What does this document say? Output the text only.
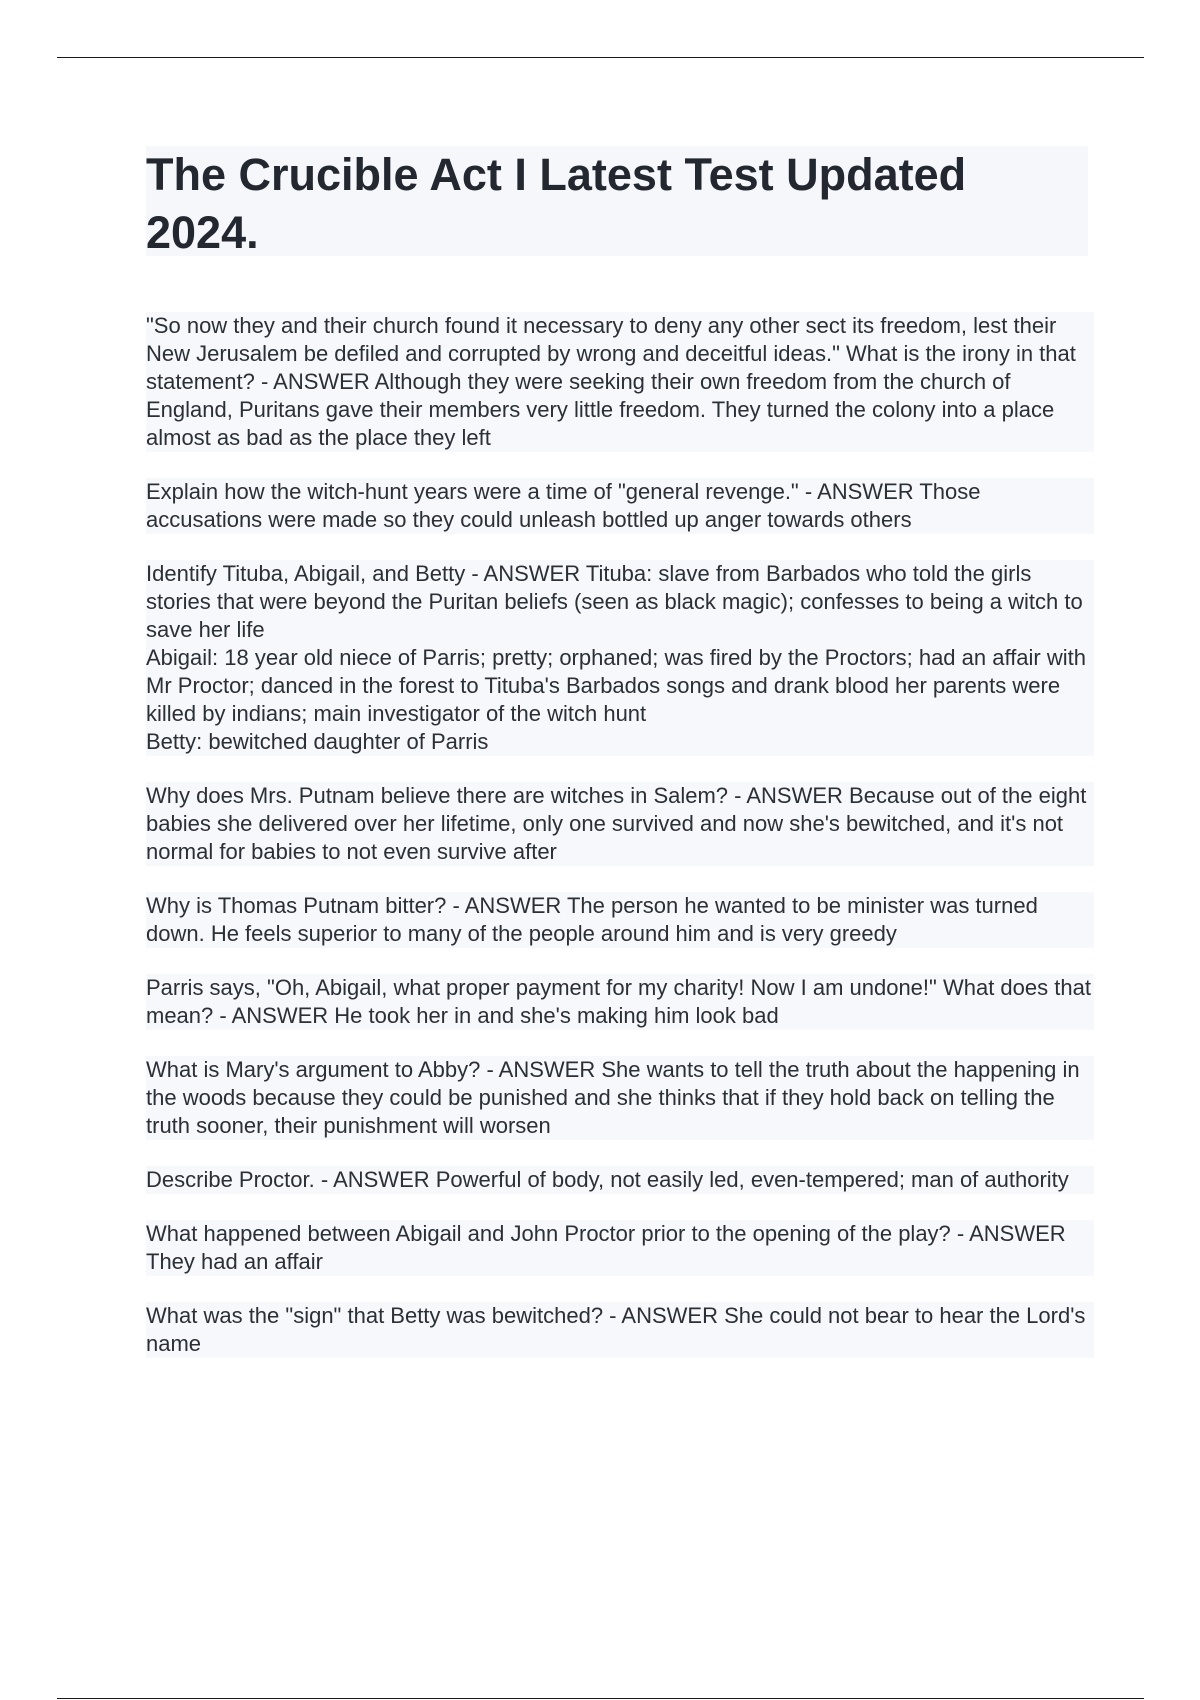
The Crucible Act I Latest Test Updated 2024.

"So now they and their church found it necessary to deny any other sect its freedom, lest their New Jerusalem be defiled and corrupted by wrong and deceitful ideas." What is the irony in that statement? - ANSWER Although they were seeking their own freedom from the church of England, Puritans gave their members very little freedom. They turned the colony into a place almost as bad as the place they left

Explain how the witch-hunt years were a time of "general revenge." - ANSWER Those accusations were made so they could unleash bottled up anger towards others

Identify Tituba, Abigail, and Betty - ANSWER Tituba: slave from Barbados who told the girls stories that were beyond the Puritan beliefs (seen as black magic); confesses to being a witch to save her life
Abigail: 18 year old niece of Parris; pretty; orphaned; was fired by the Proctors; had an affair with Mr Proctor; danced in the forest to Tituba's Barbados songs and drank blood her parents were killed by indians; main investigator of the witch hunt
Betty: bewitched daughter of Parris

Why does Mrs. Putnam believe there are witches in Salem? - ANSWER Because out of the eight babies she delivered over her lifetime, only one survived and now she's bewitched, and it's not normal for babies to not even survive after

Why is Thomas Putnam bitter? - ANSWER The person he wanted to be minister was turned down. He feels superior to many of the people around him and is very greedy

Parris says, "Oh, Abigail, what proper payment for my charity! Now I am undone!" What does that mean? - ANSWER He took her in and she's making him look bad

What is Mary's argument to Abby? - ANSWER She wants to tell the truth about the happening in the woods because they could be punished and she thinks that if they hold back on telling the truth sooner, their punishment will worsen

Describe Proctor. - ANSWER Powerful of body, not easily led, even-tempered; man of authority

What happened between Abigail and John Proctor prior to the opening of the play? - ANSWER They had an affair

What was the "sign" that Betty was bewitched? - ANSWER She could not bear to hear the Lord's name
